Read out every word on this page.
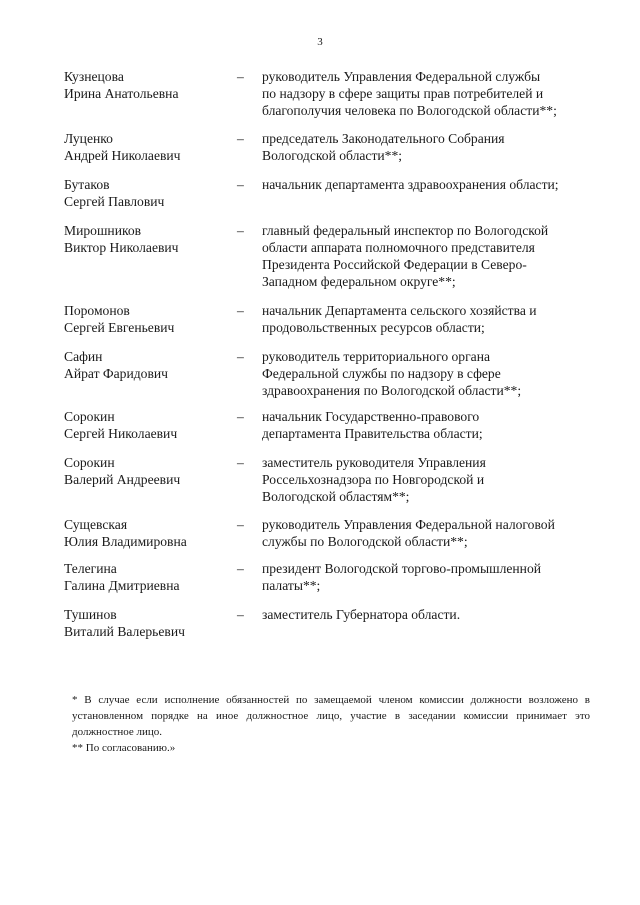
3
Кузнецова
Ирина Анатольевна
– руководитель Управления Федеральной службы
по надзору в сфере защиты прав потребителей и
благополучия человека по Вологодской области**;
Луценко
Андрей Николаевич
– председатель Законодательного Собрания
Вологодской области**;
Бутаков
Сергей Павлович
– начальник департамента здравоохранения области;
Мирошников
Виктор Николаевич
– главный федеральный инспектор по Вологодской
области аппарата полномочного представителя
Президента Российской Федерации в Северо-
Западном федеральном округе**;
Поромонов
Сергей Евгеньевич
– начальник Департамента сельского хозяйства и
продовольственных ресурсов области;
Сафин
Айрат Фаридович
– руководитель территориального органа
Федеральной службы по надзору в сфере
здравоохранения по Вологодской области**;
Сорокин
Сергей Николаевич
– начальник Государственно-правового
департамента Правительства области;
Сорокин
Валерий Андреевич
– заместитель руководителя Управления
Россельхознадзора по Новгородской и
Вологодской областям**;
Сущевская
Юлия Владимировна
– руководитель Управления Федеральной налоговой
службы по Вологодской области**;
Телегина
Галина Дмитриевна
– президент Вологодской торгово-промышленной
палаты**;
Тушинов
Виталий Валерьевич
– заместитель Губернатора области.

* В случае если исполнение обязанностей по замещаемой членом комиссии должности возложено в установленном порядке на иное должностное лицо, участие в заседании комиссии принимает это должностное лицо.

** По согласованию.»
